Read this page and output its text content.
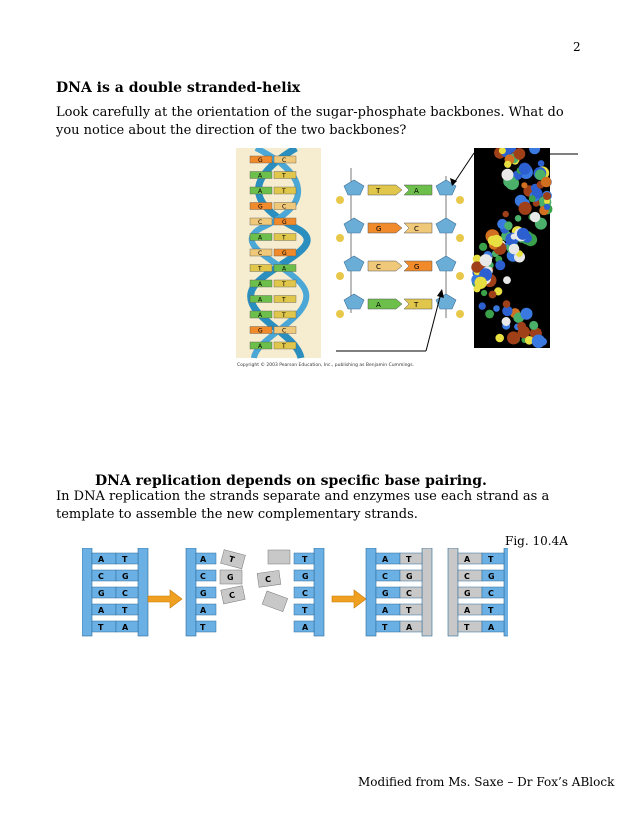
2
DNA is a double stranded-helix
Look carefully at the orientation of the sugar-phosphate backbones. What do you notice about the direction of the two backbones?
G	C
A	T
A	T
G	C
C	G
A	T
C	G
T	A
A	T
A	T
A	T
G	C
A	T
T	A
G	C
C	G
A	T
Copyright © 2003 Pearson Education, Inc., publishing as Benjamin Cummings.
DNA replication depends on specific base pairing.
In DNA replication the strands separate and enzymes use each strand as a template to assemble the new complementary strands.
Fig. 10.4A
A T
C G
G C
A T
T A
A	T
C	G
G	C
A	T
T	A
T
G
C
C
A T
C G
G C
A T
T A
A T
C G
G C
A T
T A
Modified from Ms. Saxe – Dr Fox’s ABlock
